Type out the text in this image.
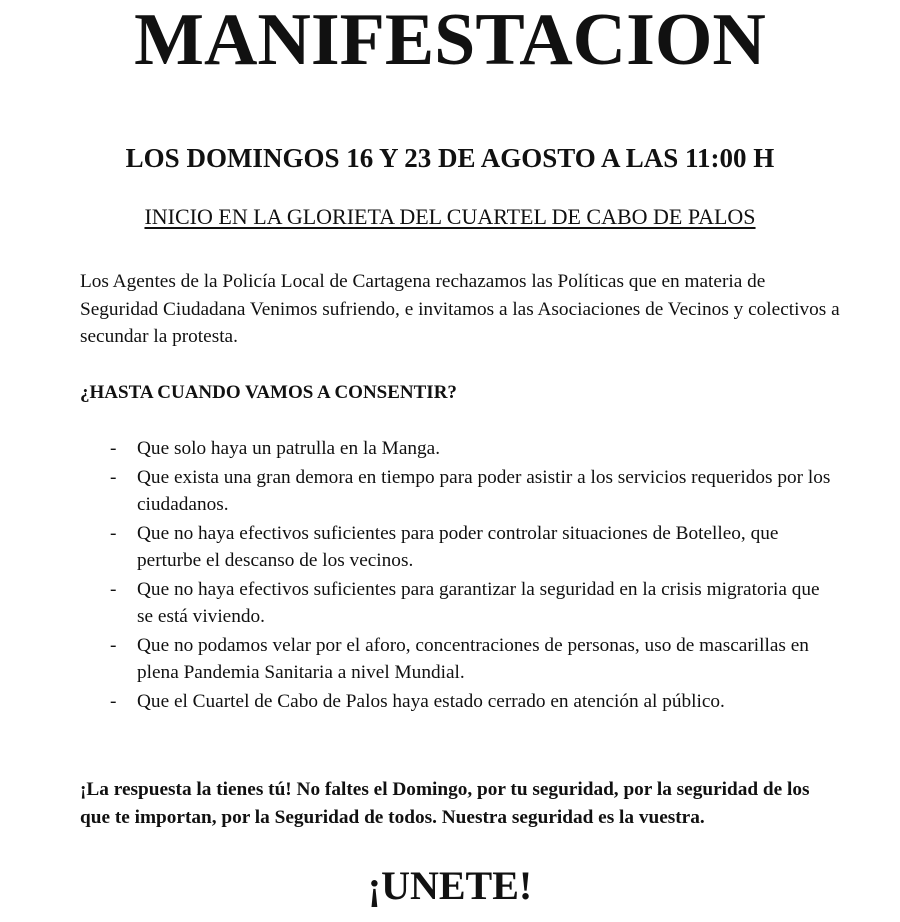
MANIFESTACION
LOS DOMINGOS 16 Y 23 DE AGOSTO A LAS 11:00 H

INICIO EN LA GLORIETA DEL CUARTEL DE CABO DE PALOS

Los Agentes de la Policía Local de Cartagena rechazamos las Políticas que en materia de Seguridad Ciudadana Venimos sufriendo, e invitamos a las Asociaciones de Vecinos y colectivos a secundar la protesta.

¿HASTA CUANDO VAMOS A CONSENTIR?

- Que solo haya un patrulla en la Manga.
- Que exista una gran demora en tiempo para poder asistir a los servicios requeridos por los ciudadanos.
- Que no haya efectivos suficientes para poder controlar situaciones de Botelleo, que perturbe el descanso de los vecinos.
- Que no haya efectivos suficientes para garantizar la seguridad en la crisis migratoria que se está viviendo.
- Que no podamos velar por el aforo, concentraciones de personas, uso de mascarillas en plena Pandemia Sanitaria a nivel Mundial.
- Que el Cuartel de Cabo de Palos haya estado cerrado en atención al público.

¡La respuesta la tienes tú! No faltes el Domingo, por tu seguridad, por la seguridad de los que te importan, por la Seguridad de todos. Nuestra seguridad es la vuestra.

¡UNETE!
